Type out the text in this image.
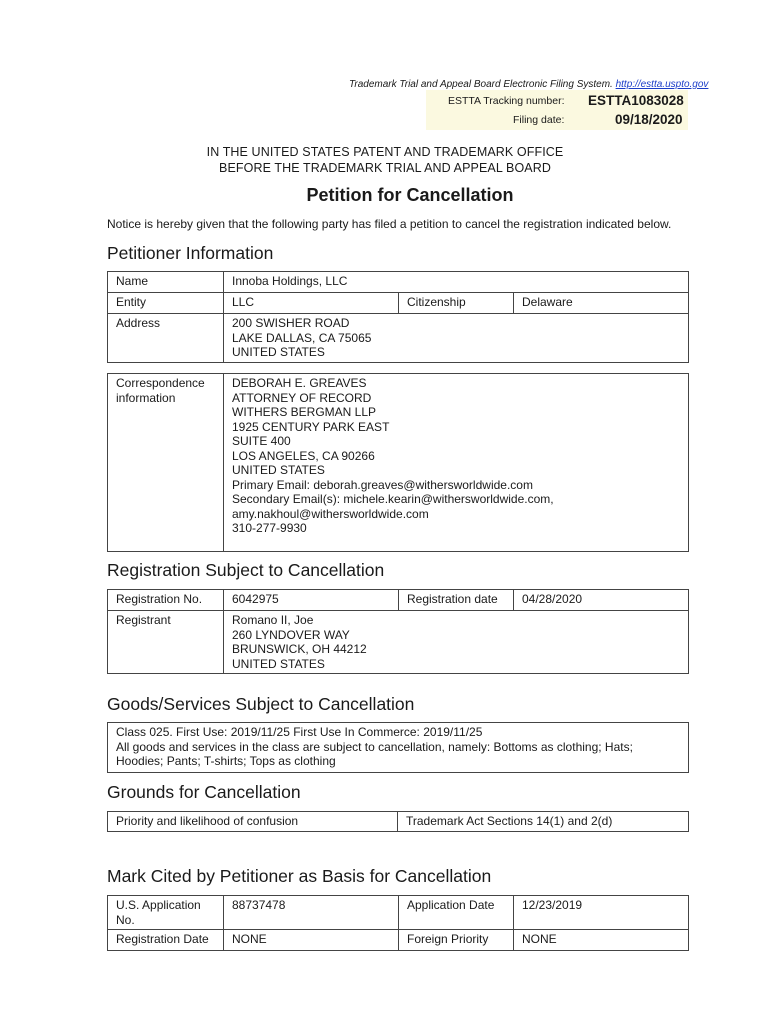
Trademark Trial and Appeal Board Electronic Filing System. http://estta.uspto.gov
ESTTA Tracking number: ESTTA1083028
Filing date:	09/18/2020
IN THE UNITED STATES PATENT AND TRADEMARK OFFICE
BEFORE THE TRADEMARK TRIAL AND APPEAL BOARD
Petition for Cancellation
Notice is hereby given that the following party has filed a petition to cancel the registration indicated below.
Petitioner Information
Name	Innoba Holdings, LLC		
Entity	LLC	Citizenship	Delaware
Address	200 SWISHER ROAD
LAKE DALLAS, CA 75065
UNITED STATES		
Correspondence
information	DEBORAH E. GREAVES
ATTORNEY OF RECORD
WITHERS BERGMAN LLP
1925 CENTURY PARK EAST
SUITE 400
LOS ANGELES, CA 90266
UNITED STATES
Primary Email: deborah.greaves@withersworldwide.com
Secondary Email(s): michele.kearin@withersworldwide.com,
amy.nakhoul@withersworldwide.com
310-277-9930
Registration Subject to Cancellation
Registration No.	6042975	Registration date	04/28/2020
Registrant	Romano II, Joe
260 LYNDOVER WAY
BRUNSWICK, OH 44212
UNITED STATES		
Goods/Services Subject to Cancellation
Class 025. First Use: 2019/11/25 First Use In Commerce: 2019/11/25
All goods and services in the class are subject to cancellation, namely: Bottoms as clothing; Hats;
Hoodies; Pants; T-shirts; Tops as clothing
Grounds for Cancellation
Priority and likelihood of confusion	Trademark Act Sections 14(1) and 2(d)
Mark Cited by Petitioner as Basis for Cancellation
U.S. Application
No.	88737478	Application Date	12/23/2019
Registration Date	NONE	Foreign Priority	NONE
